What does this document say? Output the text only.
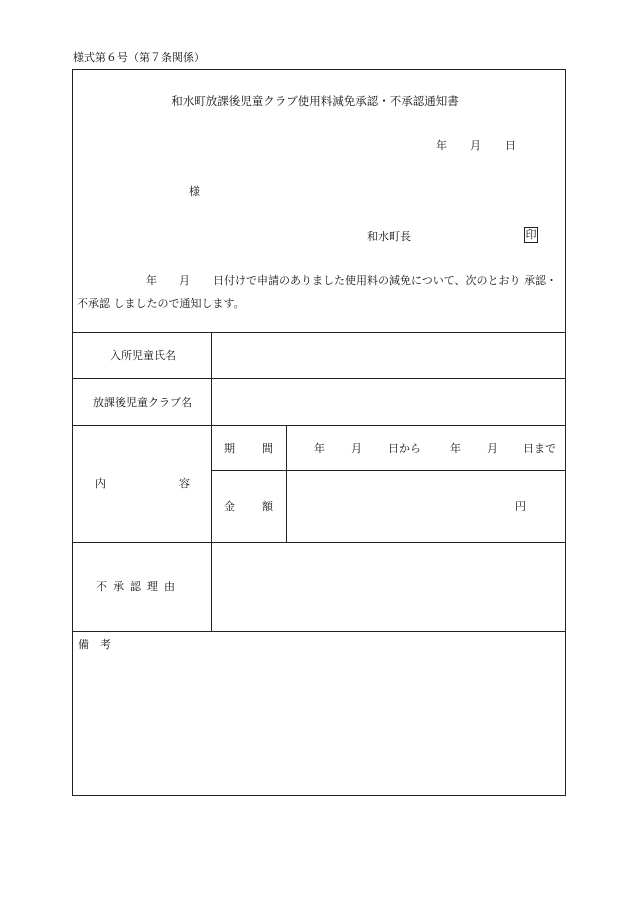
様式第６号（第７条関係）
和水町放課後児童クラブ使用料減免承認・不承認通知書
年 月 日
様
和水町長	印
年 月 日付けで申請のありました使用料の減免について、次のとおり 承認・
不承認 しましたので通知します。
入所児童氏名
放課後児童クラブ名
内	容
期 間	年 月 日から	年 月 日まで
金 額	円
不承認理由
備　考
